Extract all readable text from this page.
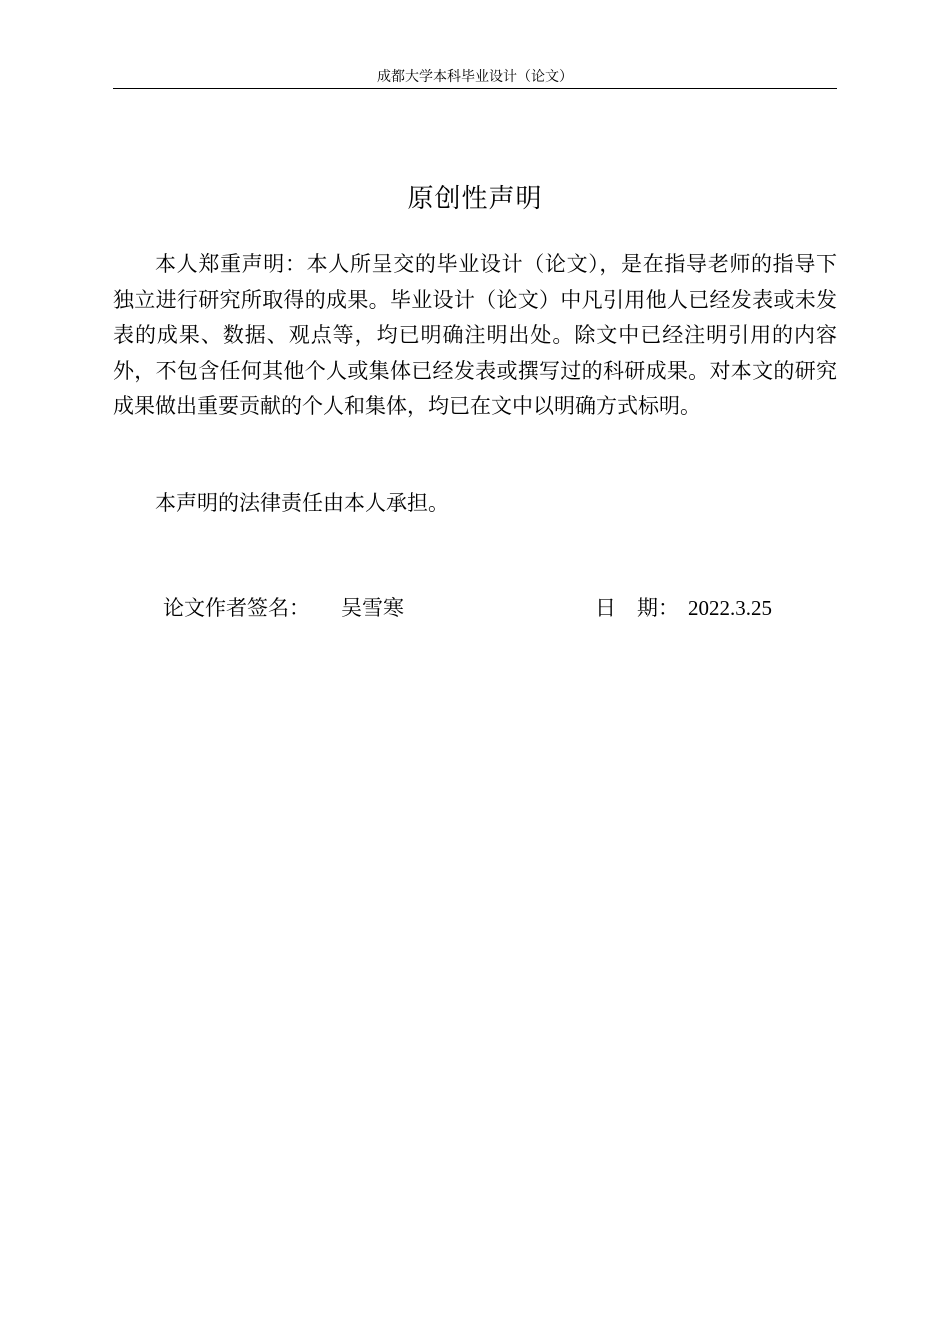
成都大学本科毕业设计（论文）
原创性声明

本人郑重声明：本人所呈交的毕业设计（论文），是在指导老师的指导下独立进行研究所取得的成果。毕业设计（论文）中凡引用他人已经发表或未发表的成果、数据、观点等，均已明确注明出处。除文中已经注明引用的内容外，不包含任何其他个人或集体已经发表或撰写过的科研成果。对本文的研究成果做出重要贡献的个人和集体，均已在文中以明确方式标明。

本声明的法律责任由本人承担。

论文作者签名： 吴雪寒	日　期： 2022.3.25
